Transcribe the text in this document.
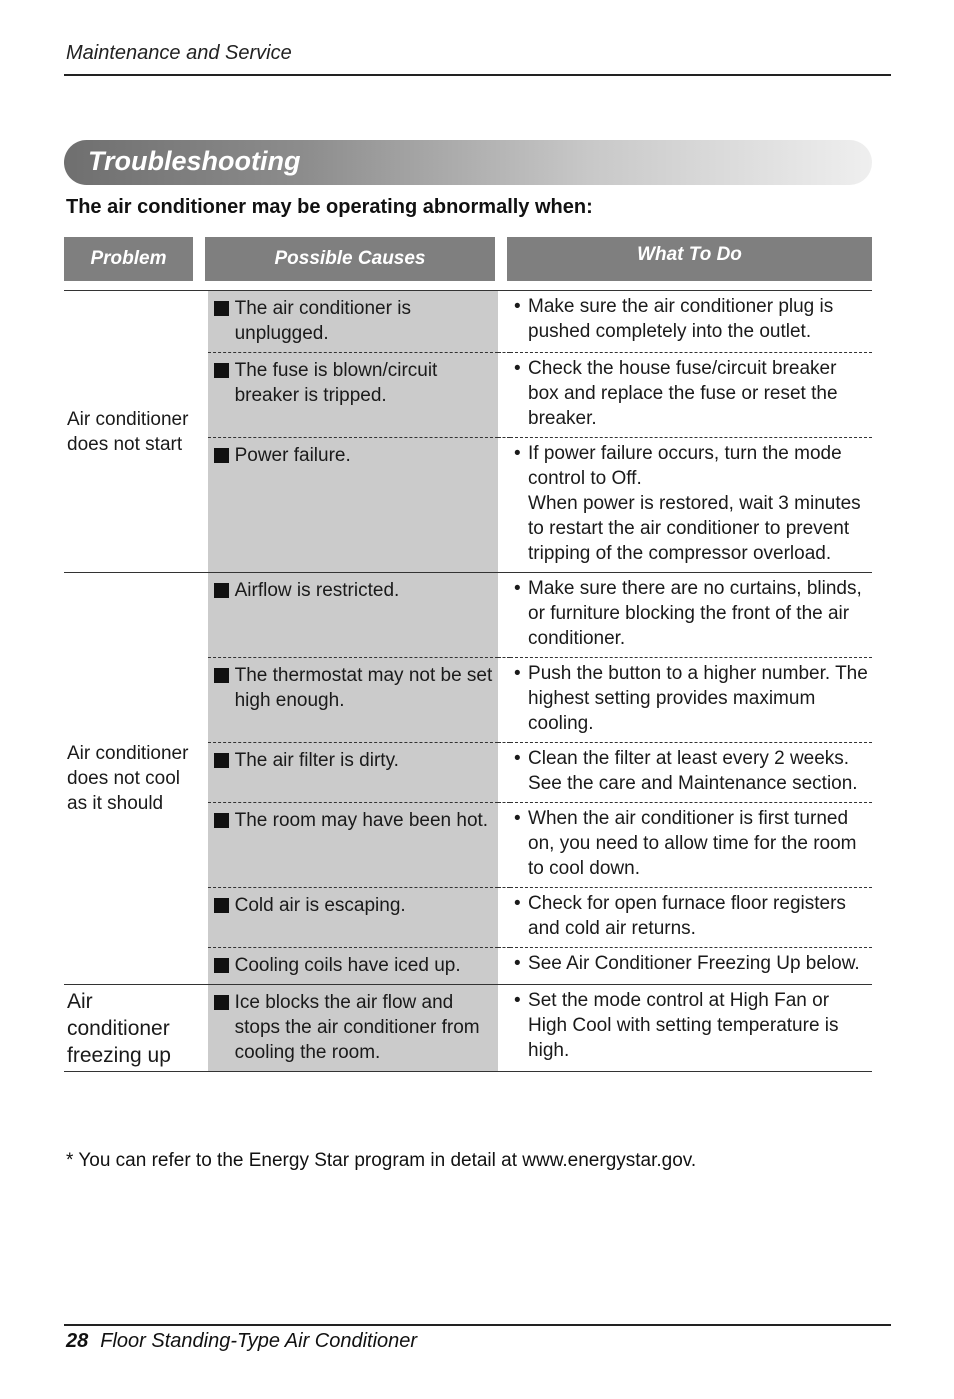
Maintenance and Service
Troubleshooting
The air conditioner may be operating abnormally when:
Problem	Possible Causes	What To Do
Air conditioner does not start	The air conditioner is unplugged.		• Make sure the air conditioner plug is pushed completely into the outlet.

	The fuse is blown/circuit breaker is tripped.		• Check the house fuse/circuit breaker box and replace the fuse or reset the breaker.

	Power failure.		• If power failure occurs, turn the mode control to Off.
When power is restored, wait 3 minutes to restart the air conditioner to prevent tripping of the compressor overload.

Air conditioner does not cool as it should	Airflow is restricted.		• Make sure there are no curtains, blinds, or furniture blocking the front of the air conditioner.

	The thermostat may not be set high enough.		• Push the button to a higher number. The highest setting provides maximum cooling.

	The air filter is dirty.		• Clean the filter at least every 2 weeks. See the care and Maintenance section.

	The room may have been hot.		• When the air conditioner is first turned on, you need to allow time for the room to cool down.

	Cold air is escaping.		• Check for open furnace floor registers and cold air returns.

	Cooling coils have iced up.		• See Air Conditioner Freezing Up below.

Air conditioner freezing up	Ice blocks the air flow and stops the air conditioner from cooling the room.		• Set the mode control at High Fan or High Cool with setting temperature is high.
* You can refer to the Energy Star program in detail at www.energystar.gov.
28 Floor Standing-Type Air Conditioner
